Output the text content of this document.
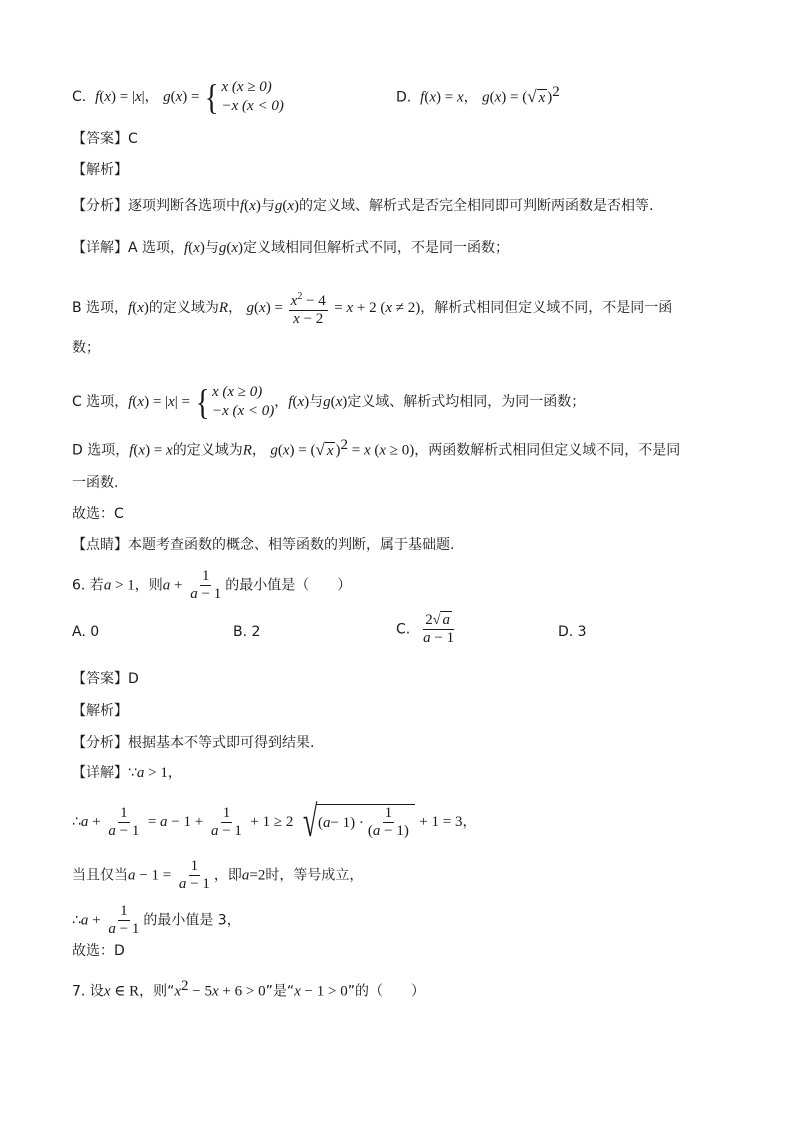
C. f(x) = |x|， g(x) = { x (x ≥ 0)
−x (x < 0)
D. f(x) = x， g(x) = (√ x )$^2$
【答案】C
【解析】
【分析】逐项判断各选项中f(x)与g(x)的定义域、解析式是否完全相同即可判断两函数是否相等.
【详解】A 选项，f(x)与g(x)定义域相同但解析式不同，不是同一函数；
B 选项，f(x)的定义域为R， $g(x) = \frac{x^2 - 4}{x - 2} = x + 2$ (x ≠ 2)，解析式相同但定义域不同，不是同一函
数；
C 选项，f(x) = |x| = { x (x ≥ 0)
−x (x < 0)
，f(x)与g(x)定义域、解析式均相同，为同一函数；
D 选项，f(x) = x的定义域为R， g(x) = (√ x )$^2$ = x (x ≥ 0)，两函数解析式相同但定义域不同，不是同
一函数.
故选：C
【点睛】本题考查函数的概念、相等函数的判断，属于基础题.
6. 若a > 1，则$a + \frac{1}{a - 1}$ 的最小值是（　　）
A. 0	B. 2	C. $\frac{2√ a}{a - 1}$	D. 3
【答案】D
【解析】
【分析】根据基本不等式即可得到结果.
【详解】∵a > 1，
∴a + $\frac{1}{a - 1} = a - 1 + \frac{1}{a - 1} + 1 \ge 2$ √ ( $a - 1) \cdot \frac{1}{(a - 1)} + 1 = 3$，
当且仅当$a - 1 = \frac{1}{a - 1}$ ，即a=2时，等号成立，
∴a + $\frac{1}{a - 1}$ 的最小值是 3，
故选：D
7. 设x ∈ R，则“$x^2 - 5x + 6 > 0$”是“x − 1 > 0”的（　　）
